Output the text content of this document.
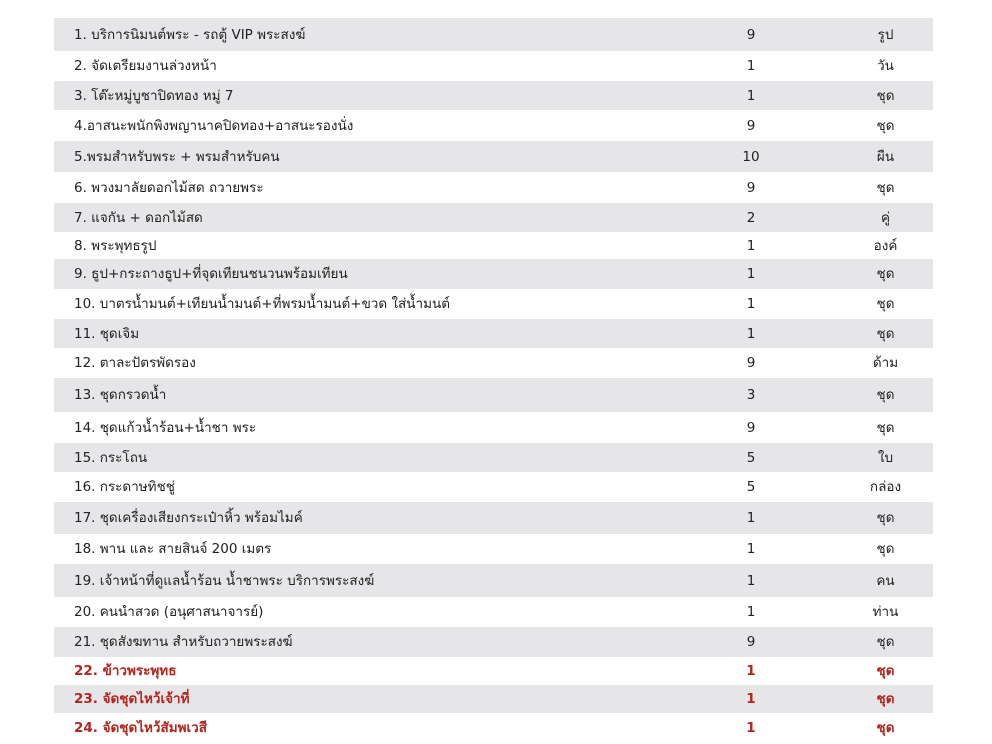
1. บริการนิมนต์พระ - รถตู้ VIP พระสงฆ์	9	รูป
2. จัดเตรียมงานล่วงหน้า	1	วัน
3. โต๊ะหมู่บูชาปิดทอง หมู่ 7	1	ชุด
4.อาสนะพนักพิงพญานาคปิดทอง+อาสนะรองนั่ง	9	ชุด
5.พรมสำหรับพระ + พรมสำหรับคน	10	ผืน
6. พวงมาลัยดอกไม้สด ถวายพระ	9	ชุด
7. แจกัน + ดอกไม้สด	2	คู่
8. พระพุทธรูป	1	องค์
9. ธูป+กระถางธูป+ที่จุดเทียนชนวนพร้อมเทียน	1	ชุด
10. บาตรน้ำมนต์+เทียนน้ำมนต์+ที่พรมน้ำมนต์+ขวด ใส่น้ำมนต์	1	ชุด
11. ชุดเจิม	1	ชุด
12. ตาละปัตรพัดรอง	9	ด้าม
13. ชุดกรวดน้ำ	3	ชุด
14. ชุดแก้วน้ำร้อน+น้ำชา พระ	9	ชุด
15. กระโถน	5	ใบ
16. กระดาษทิชชู่	5	กล่อง
17. ชุดเครื่องเสียงกระเป๋าหิ้ว พร้อมไมค์	1	ชุด
18. พาน และ สายสินจ์ 200 เมตร	1	ชุด
19. เจ้าหน้าที่ดูแลน้ำร้อน น้ำชาพระ บริการพระสงฆ์	1	คน
20. คนนำสวด (อนุศาสนาจารย์)	1	ท่าน
21. ชุดสังฆทาน สำหรับถวายพระสงฆ์	9	ชุด
22. ข้าวพระพุทธ	1	ชุด
23. จัดชุดไหว้เจ้าที่	1	ชุด
24. จัดชุดไหว้สัมพเวสี	1	ชุด
